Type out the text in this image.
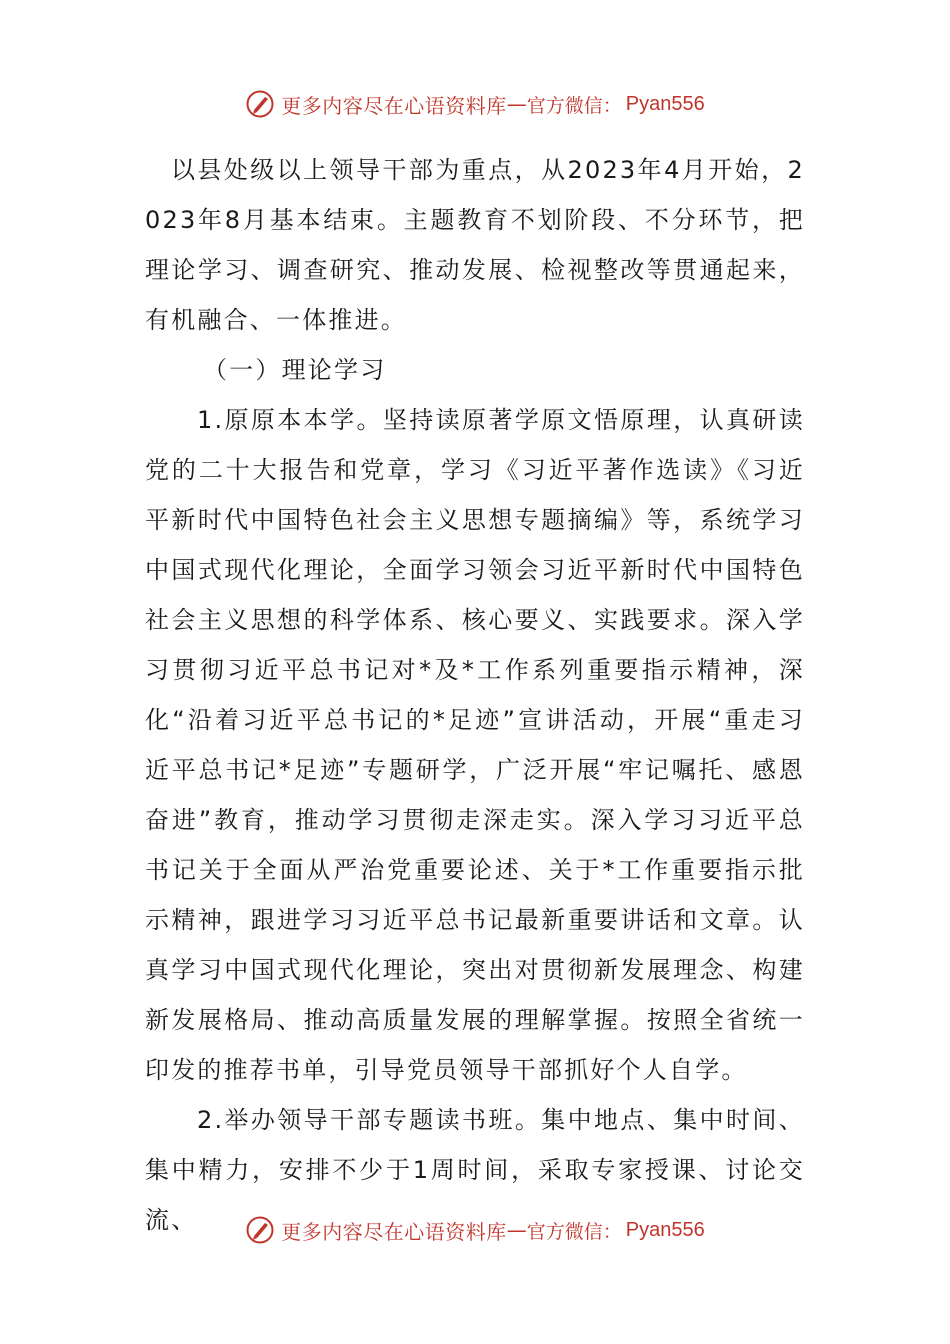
更多内容尽在心语资料库 — 官方微信： Pyan556

以县处级以上领导干部为重点，从2023年4月开始，2023年8月基本结束。主题教育不划阶段、不分环节，把理论学习、调查研究、推动发展、检视整改等贯通起来，有机融合、一体推进。

（一）理论学习

1.原原本本学。坚持读原著学原文悟原理，认真研读党的二十大报告和党章，学习《习近平著作选读》《习近平新时代中国特色社会主义思想专题摘编》等，系统学习中国式现代化理论，全面学习领会习近平新时代中国特色社会主义思想的科学体系、核心要义、实践要求。深入学习贯彻习近平总书记对*及*工作系列重要指示精神，深化“沿着习近平总书记的*足迹”宣讲活动，开展“重走习近平总书记*足迹”专题研学，广泛开展“牢记嘱托、感恩奋进”教育，推动学习贯彻走深走实。深入学习习近平总书记关于全面从严治党重要论述、关于*工作重要指示批示精神，跟进学习习近平总书记最新重要讲话和文章。认真学习中国式现代化理论，突出对贯彻新发展理念、构建新发展格局、推动高质量发展的理解掌握。按照全省统一印发的推荐书单，引导党员领导干部抓好个人自学。

2.举办领导干部专题读书班。集中地点、集中时间、集中精力，安排不少于1周时间，采取专家授课、讨论交流、	更多内容尽在心语资料库 — 官方微信： Pyan556
